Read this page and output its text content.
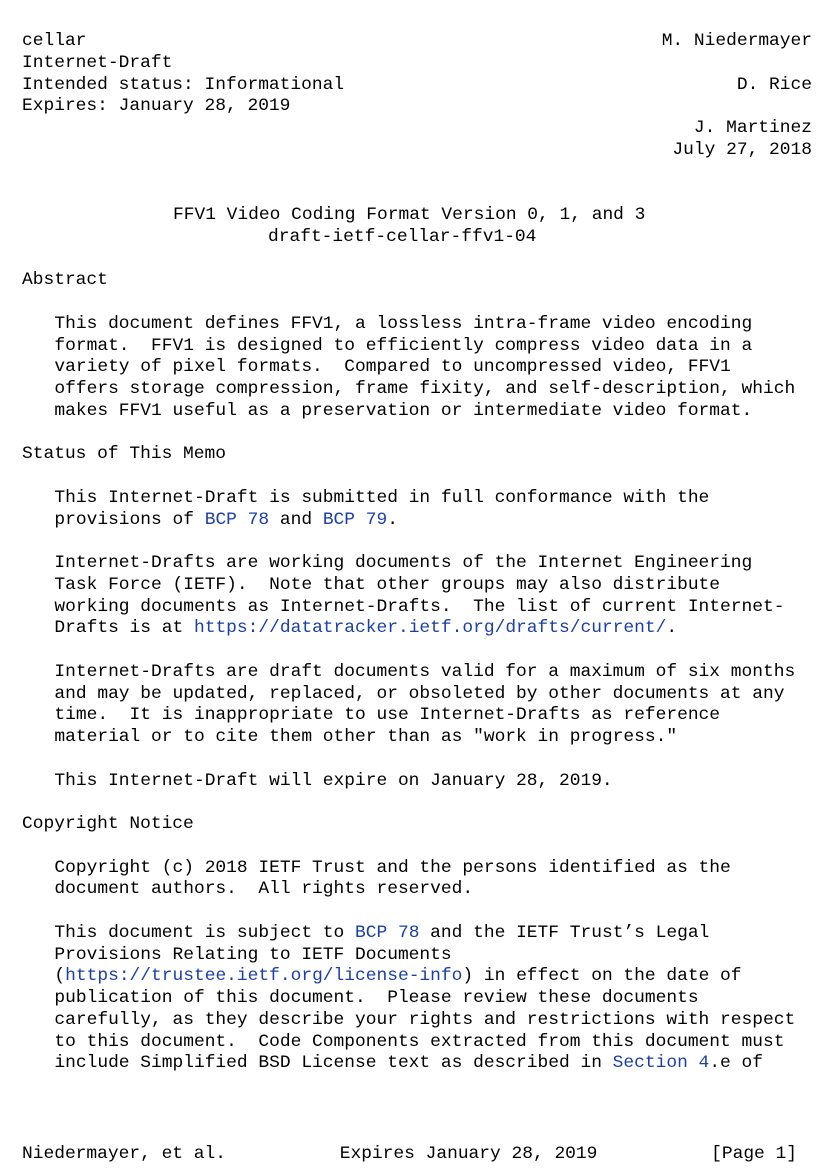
cellar	M. Niedermayer
Internet-Draft
Intended status: Informational	D. Rice
Expires: January 28, 2019
J. Martinez
July 27, 2018
FFV1 Video Coding Format Version 0, 1, and 3
draft-ietf-cellar-ffv1-04
Abstract
This document defines FFV1, a lossless intra-frame video encoding
format.  FFV1 is designed to efficiently compress video data in a
variety of pixel formats.  Compared to uncompressed video, FFV1
offers storage compression, frame fixity, and self-description, which
makes FFV1 useful as a preservation or intermediate video format.
Status of This Memo
This Internet-Draft is submitted in full conformance with the
provisions of BCP 78 and BCP 79.
Internet-Drafts are working documents of the Internet Engineering
Task Force (IETF).  Note that other groups may also distribute
working documents as Internet-Drafts.  The list of current Internet-
Drafts is at https://datatracker.ietf.org/drafts/current/.
Internet-Drafts are draft documents valid for a maximum of six months
and may be updated, replaced, or obsoleted by other documents at any
time.  It is inappropriate to use Internet-Drafts as reference
material or to cite them other than as "work in progress."
This Internet-Draft will expire on January 28, 2019.
Copyright Notice
Copyright (c) 2018 IETF Trust and the persons identified as the
document authors.  All rights reserved.
This document is subject to BCP 78 and the IETF Trust’s Legal
Provisions Relating to IETF Documents
(https://trustee.ietf.org/license-info) in effect on the date of
publication of this document.  Please review these documents
carefully, as they describe your rights and restrictions with respect
to this document.  Code Components extracted from this document must
include Simplified BSD License text as described in Section 4.e of
Niedermayer, et al.	Expires January 28, 2019	[Page 1]
